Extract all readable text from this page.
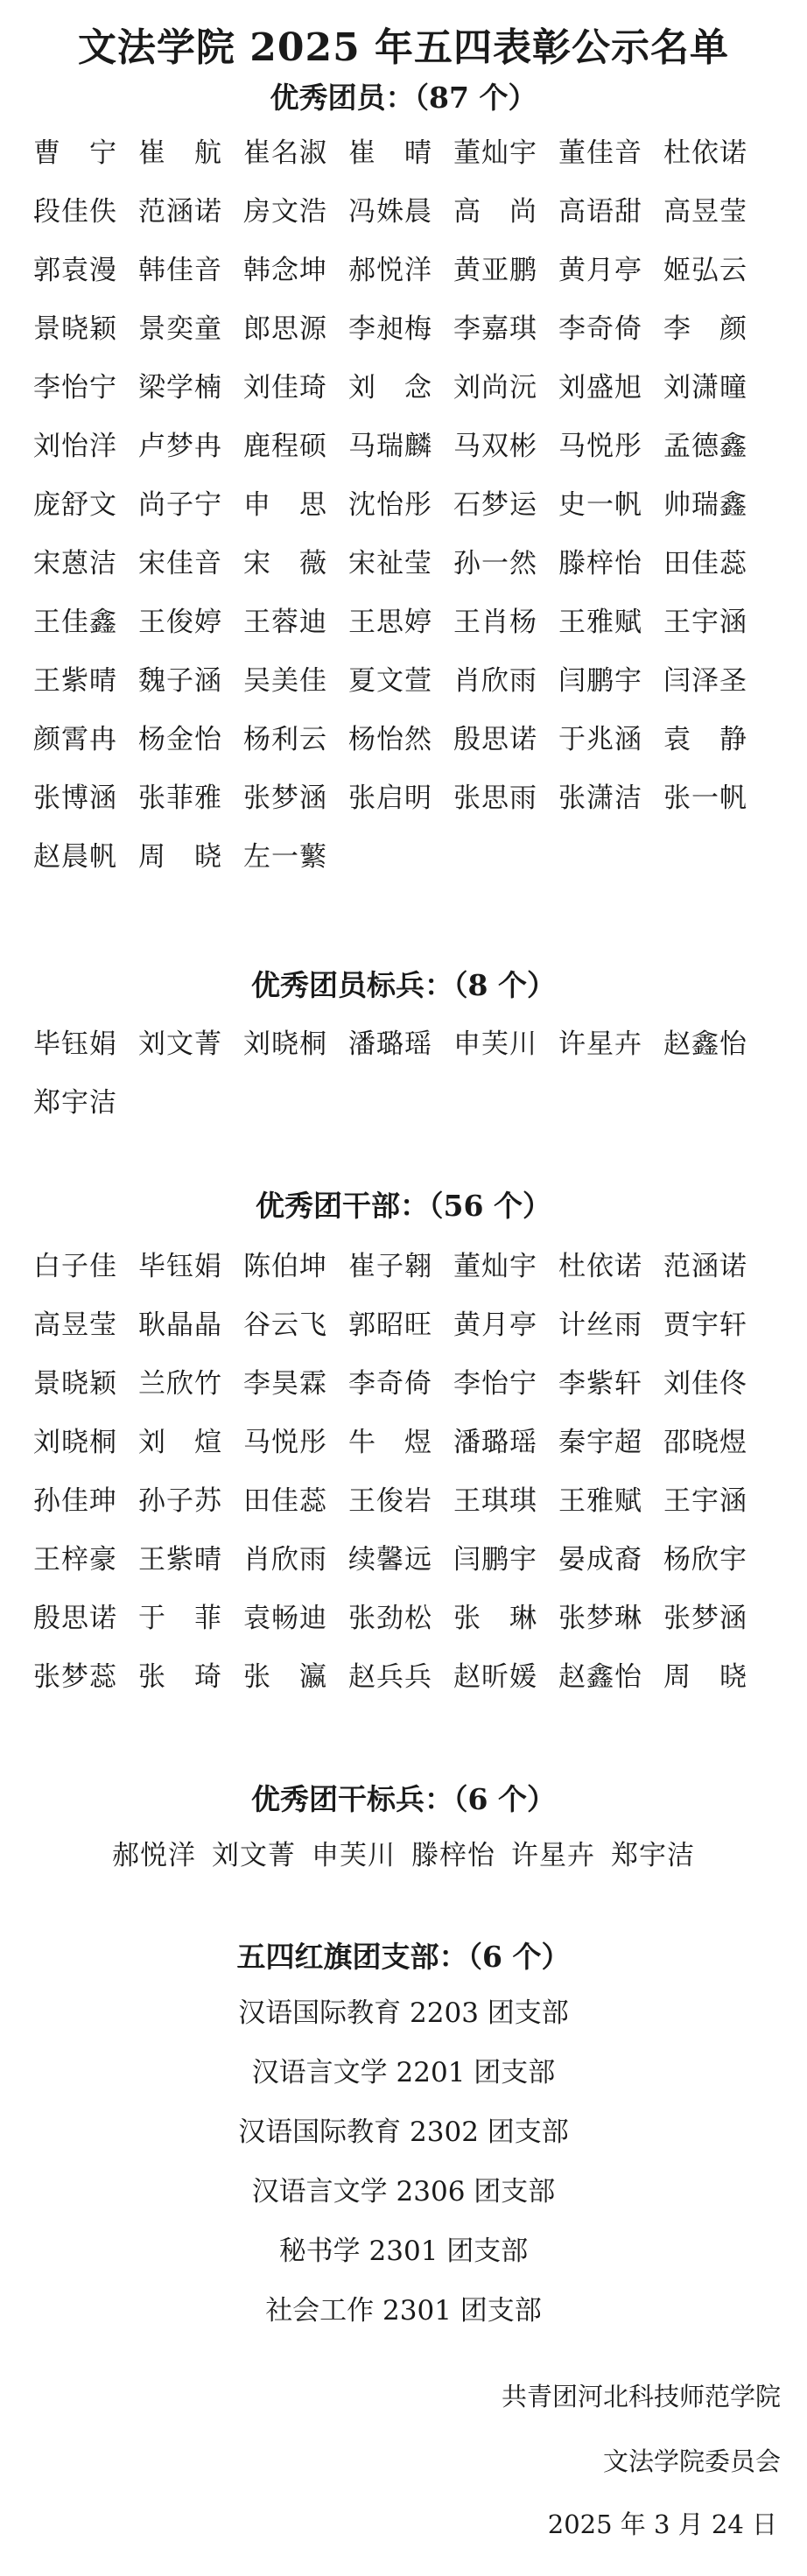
文法学院 2025 年五四表彰公示名单
优秀团员：（87 个）
曹　宁 崔　航 崔名淑 崔　晴 董灿宇 董佳音 杜依诺
段佳佚 范涵诺 房文浩 冯姝晨 高　尚 高语甜 高昱莹
郭袁漫 韩佳音 韩念坤 郝悦洋 黄亚鹏 黄月亭 姬弘云
景晓颖 景奕童 郎思源 李昶梅 李嘉琪 李奇倚 李　颜
李怡宁 梁学楠 刘佳琦 刘　念 刘尚沅 刘盛旭 刘潇曈
刘怡洋 卢梦冉 鹿程硕 马瑞麟 马双彬 马悦彤 孟德鑫
庞舒文 尚子宁 申　思 沈怡彤 石梦运 史一帆 帅瑞鑫
宋蒽洁 宋佳音 宋　薇 宋祉莹 孙一然 滕梓怡 田佳蕊
王佳鑫 王俊婷 王蓉迪 王思婷 王肖杨 王雅赋 王宇涵
王紫晴 魏子涵 吴美佳 夏文萱 肖欣雨 闫鹏宇 闫泽圣
颜霄冉 杨金怡 杨利云 杨怡然 殷思诺 于兆涵 袁　静
张博涵 张菲雅 张梦涵 张启明 张思雨 张潇洁 张一帆
赵晨帆 周　晓 左一蘩
优秀团员标兵：（8 个）
毕钰娟 刘文菁 刘晓桐 潘璐瑶 申芙川 许星卉 赵鑫怡
郑宇洁
优秀团干部：（56 个）
白子佳 毕钰娟 陈伯坤 崔子翱 董灿宇 杜依诺 范涵诺
高昱莹 耿晶晶 谷云飞 郭昭旺 黄月亭 计丝雨 贾宇轩
景晓颖 兰欣竹 李昊霖 李奇倚 李怡宁 李紫轩 刘佳佟
刘晓桐 刘　煊 马悦彤 牛　煜 潘璐瑶 秦宇超 邵晓煜
孙佳珅 孙子苏 田佳蕊 王俊岩 王琪琪 王雅赋 王宇涵
王梓豪 王紫晴 肖欣雨 续馨远 闫鹏宇 晏成裔 杨欣宇
殷思诺 于　菲 袁畅迪 张劲松 张　琳 张梦琳 张梦涵
张梦蕊 张　琦 张　瀛 赵兵兵 赵昕媛 赵鑫怡 周　晓
优秀团干标兵：（6 个）
郝悦洋 刘文菁 申芙川 滕梓怡 许星卉 郑宇洁
五四红旗团支部：（6 个）
汉语国际教育 2203 团支部
汉语言文学 2201 团支部
汉语国际教育 2302 团支部
汉语言文学 2306 团支部
秘书学 2301 团支部
社会工作 2301 团支部
共青团河北科技师范学院
文法学院委员会
2025 年 3 月 24 日
